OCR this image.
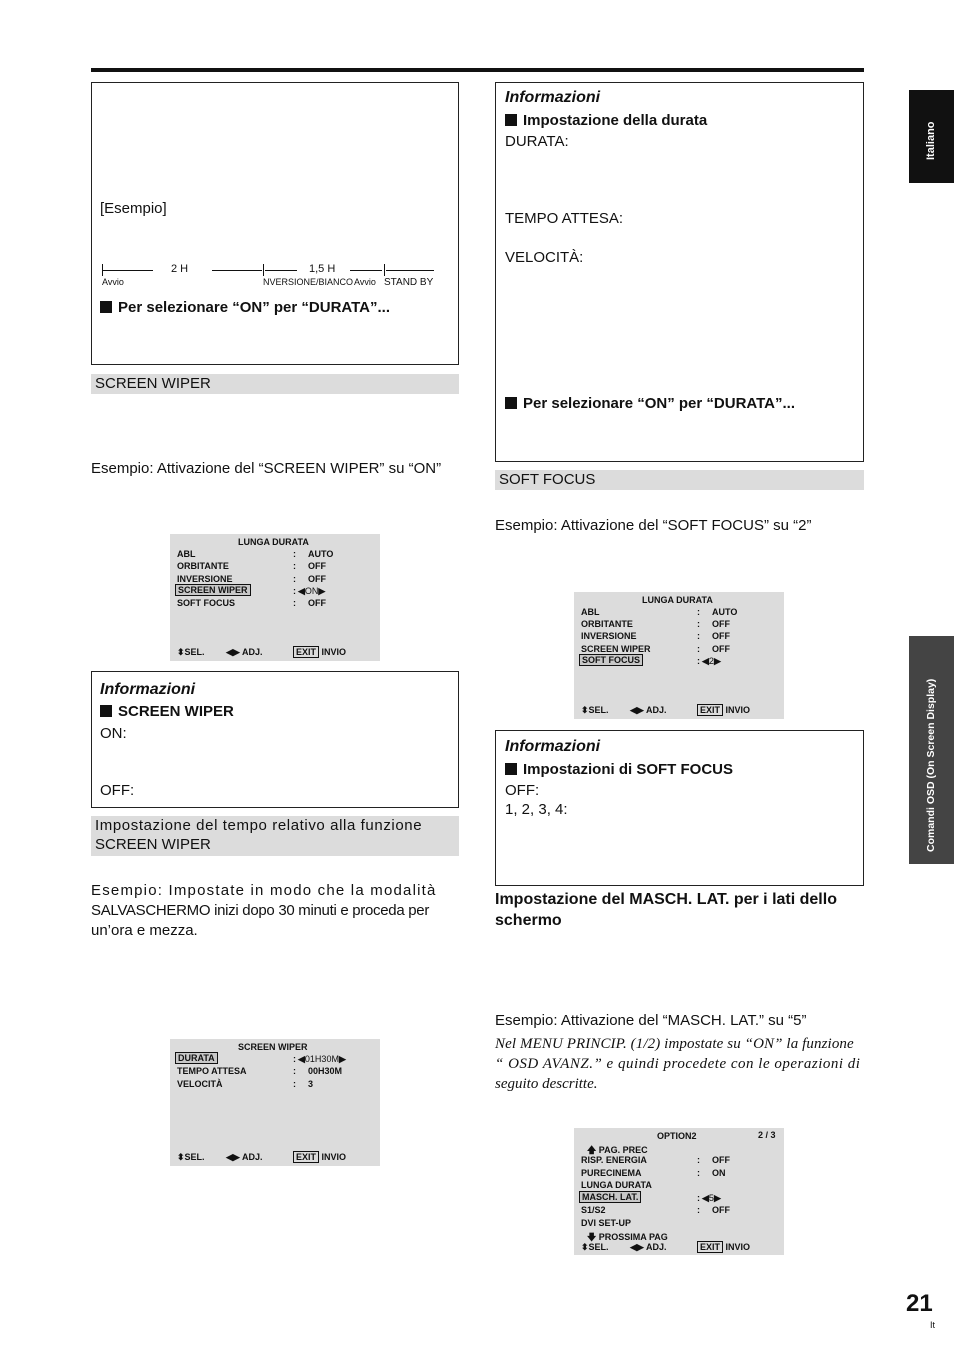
[Esempio]
2 H	1,5 H
Avvio	NVERSIONE/BIANCO Avvio STAND BY
Per selezionare “ON” per “DURATA”...
SCREEN WIPER
Esempio: Attivazione del “SCREEN WIPER” su “ON”
LUNGA DURATA
ABL	: AUTO
ORBITANTE	: OFF
INVERSIONE	: OFF
SCREEN WIPER	: ◀ON▶
SOFT FOCUS	: OFF
⬍SEL. ◀▶ ADJ.	EXIT INVIO
Informazioni
SCREEN WIPER
ON:
OFF:
Impostazione del tempo relativo alla funzione
SCREEN WIPER
Esempio: Impostate in modo che la modalità
SALVASCHERMO inizi dopo 30 minuti e proceda per
un’ora e mezza.
SCREEN WIPER
DURATA	: ◀01H30M▶
TEMPO ATTESA	: 00H30M
VELOCITÀ	: 3
⬍SEL. ◀▶ ADJ.	EXIT INVIO
Informazioni
Impostazione della durata
DURATA:
TEMPO ATTESA:
VELOCITÀ:
Per selezionare “ON” per “DURATA”...
SOFT FOCUS
Esempio: Attivazione del “SOFT FOCUS” su “2”
LUNGA DURATA
ABL	: AUTO
ORBITANTE	: OFF
INVERSIONE	: OFF
SCREEN WIPER	: OFF
SOFT FOCUS	: ◀2▶
⬍SEL. ◀▶ ADJ.	EXIT INVIO
Informazioni
Impostazioni di SOFT FOCUS
OFF:
1, 2, 3, 4:
Impostazione del MASCH. LAT. per i lati dello
schermo
Esempio: Attivazione del “MASCH. LAT.” su “5”
Nel MENU PRINCIP. (1/2) impostate su “ON” la funzione
“ OSD AVANZ.” e quindi procedete con le operazioni di
seguito descritte.
OPTION2	2 / 3
🡅 PAG. PREC
RISP. ENERGIA	: OFF
PURECINEMA	: ON
LUNGA DURATA
MASCH. LAT.	: ◀5▶
S1/S2	: OFF
DVI SET-UP
🡇 PROSSIMA PAG
⬍SEL. ◀▶ ADJ.	EXIT INVIO
Italiano
Comandi OSD (On Screen Display)
21
It
